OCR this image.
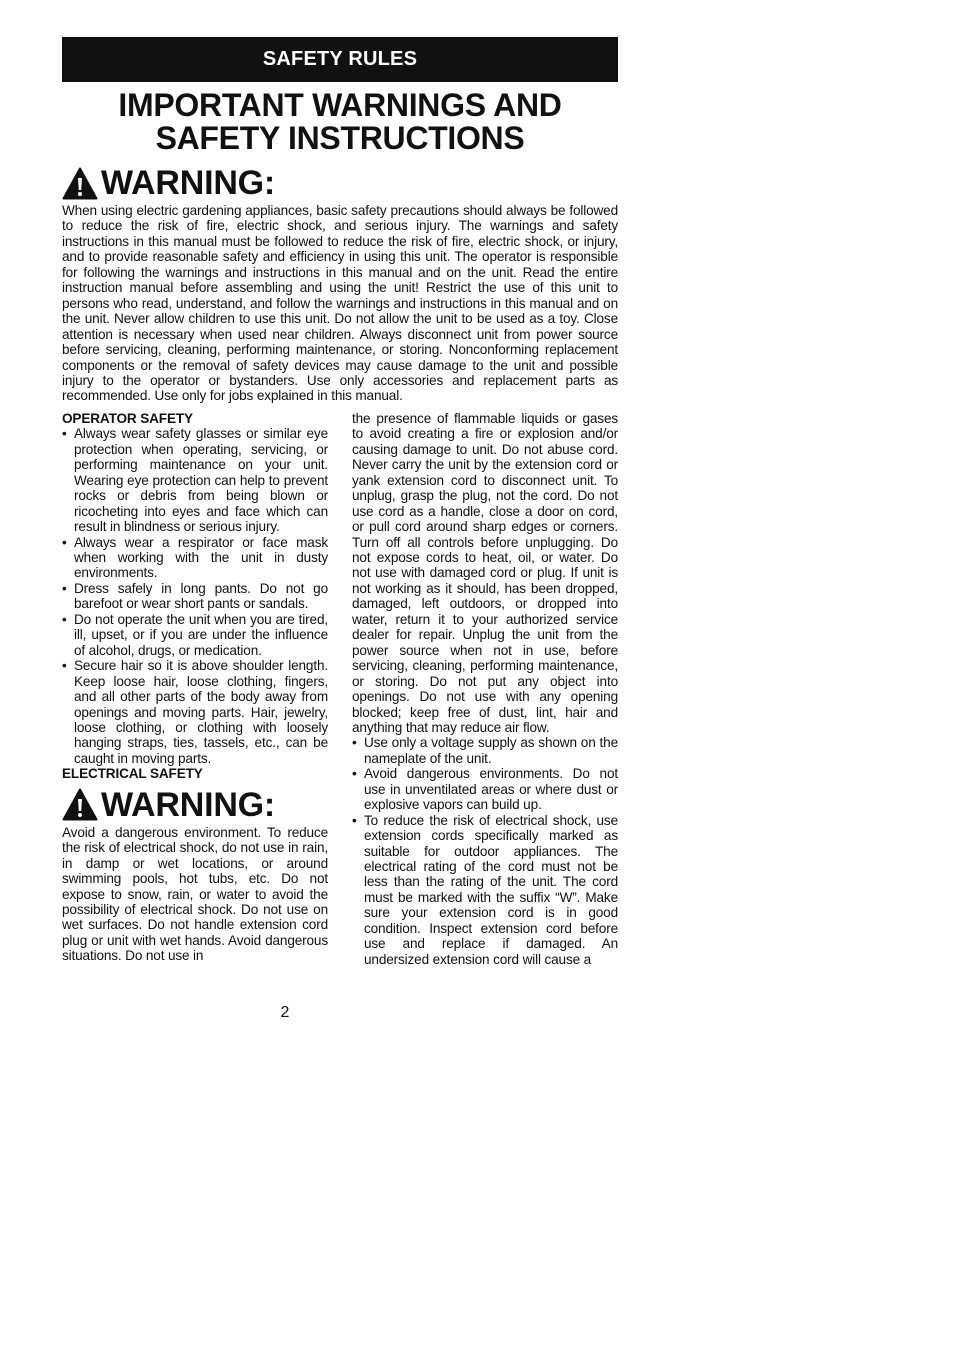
SAFETY RULES
IMPORTANT WARNINGS AND
SAFETY INSTRUCTIONS
WARNING:

When using electric gardening appliances, basic safety precautions should always be followed to reduce the risk of fire, electric shock, and serious injury. The warnings and safety instructions in this manual must be followed to reduce the risk of fire, electric shock, or injury, and to provide reasonable safety and efficiency in using this unit. The operator is responsible for following the warnings and instructions in this manual and on the unit. Read the entire instruction manual before assembling and using the unit! Restrict the use of this unit to persons who read, understand, and follow the warnings and instructions in this manual and on the unit. Never allow children to use this unit. Do not allow the unit to be used as a toy. Close attention is necessary when used near children. Always disconnect unit from power source before servicing, cleaning, performing maintenance, or storing. Nonconforming replacement components or the removal of safety devices may cause damage to the unit and possible injury to the operator or bystanders. Use only accessories and replacement parts as recommended. Use only for jobs explained in this manual.

OPERATOR SAFETY
• Always wear safety glasses or similar eye protection when operating, servicing, or performing maintenance on your unit. Wearing eye protection can help to prevent rocks or debris from being blown or ricocheting into eyes and face which can result in blindness or serious injury.
• Always wear a respirator or face mask when working with the unit in dusty environments.
• Dress safely in long pants. Do not go barefoot or wear short pants or sandals.
• Do not operate the unit when you are tired, ill, upset, or if you are under the influence of alcohol, drugs, or medication.
• Secure hair so it is above shoulder length. Keep loose hair, loose clothing, fingers, and all other parts of the body away from openings and moving parts. Hair, jewelry, loose clothing, or clothing with loosely hanging straps, ties, tassels, etc., can be caught in moving parts.
ELECTRICAL SAFETY
WARNING:

Avoid a dangerous environment. To reduce the risk of electrical shock, do not use in rain, in damp or wet locations, or around swimming pools, hot tubs, etc. Do not expose to snow, rain, or water to avoid the possibility of electrical shock. Do not use on wet surfaces. Do not handle extension cord plug or unit with wet hands. Avoid dangerous situations. Do not use in

the presence of flammable liquids or gases to avoid creating a fire or explosion and/or causing damage to unit. Do not abuse cord. Never carry the unit by the extension cord or yank extension cord to disconnect unit. To unplug, grasp the plug, not the cord. Do not use cord as a handle, close a door on cord, or pull cord around sharp edges or corners. Turn off all controls before unplugging. Do not expose cords to heat, oil, or water. Do not use with damaged cord or plug. If unit is not working as it should, has been dropped, damaged, left outdoors, or dropped into water, return it to your authorized service dealer for repair. Unplug the unit from the power source when not in use, before servicing, cleaning, performing maintenance, or storing. Do not put any object into openings. Do not use with any opening blocked; keep free of dust, lint, hair and anything that may reduce air flow.

• Use only a voltage supply as shown on the nameplate of the unit.
• Avoid dangerous environments. Do not use in unventilated areas or where dust or explosive vapors can build up.
• To reduce the risk of electrical shock, use extension cords specifically marked as suitable for outdoor appliances. The electrical rating of the cord must not be less than the rating of the unit. The cord must be marked with the suffix “W”. Make sure your extension cord is in good condition. Inspect extension cord before use and replace if damaged. An undersized extension cord will cause a
2
